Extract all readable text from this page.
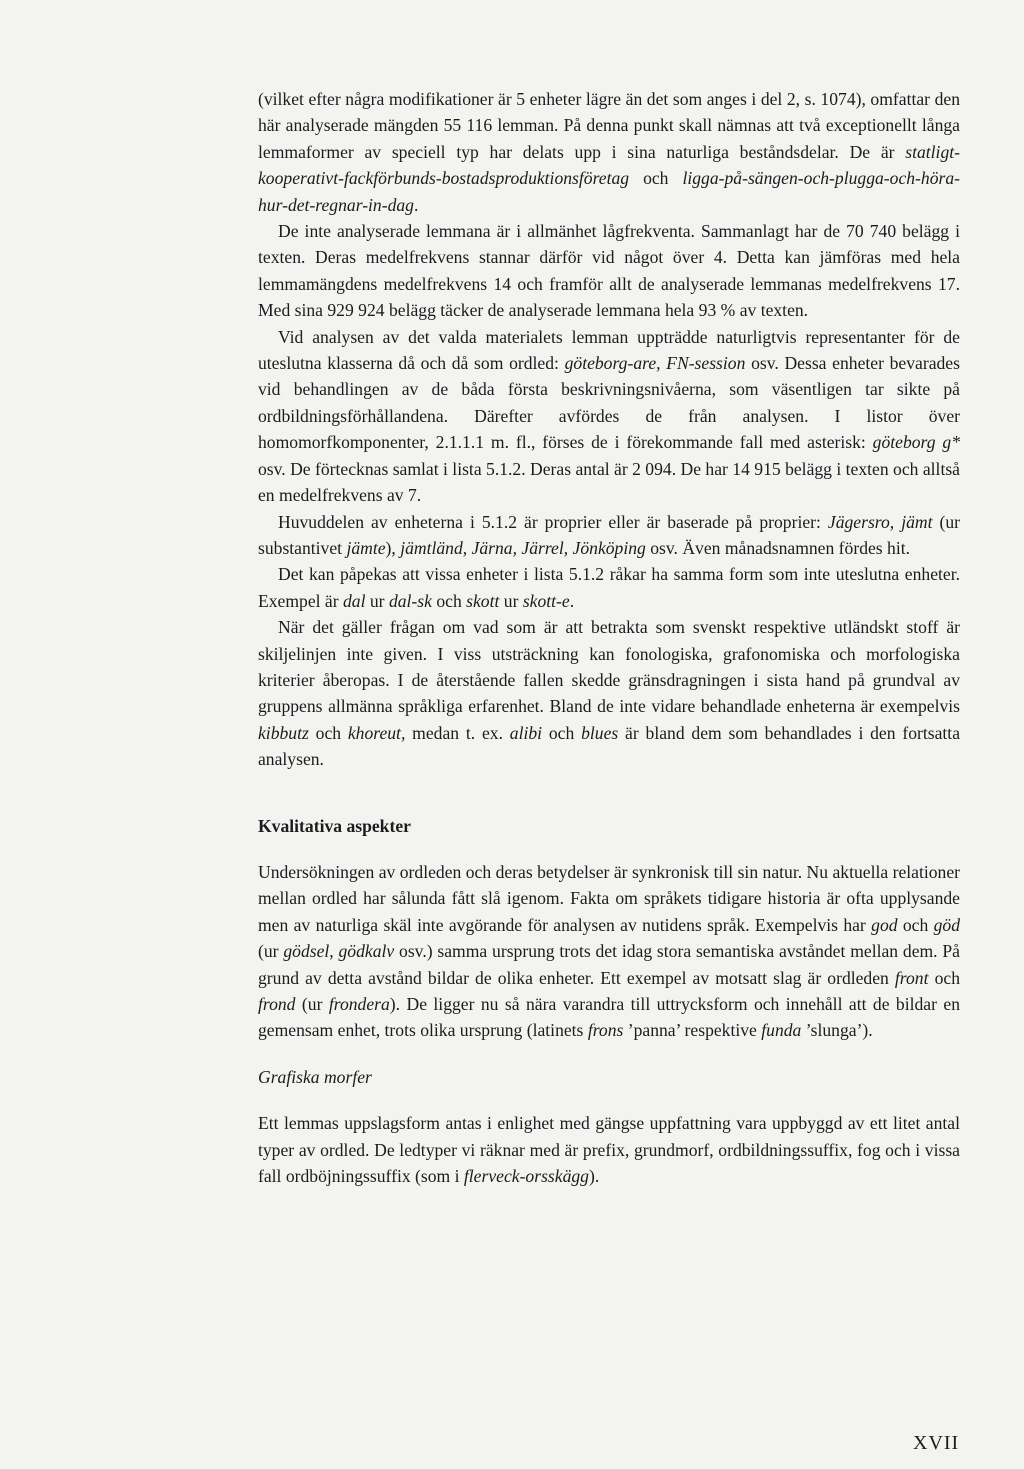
(vilket efter några modifikationer är 5 enheter lägre än det som anges i del 2, s. 1074), omfattar den här analyserade mängden 55 116 lemman. På denna punkt skall nämnas att två exceptionellt långa lemmaformer av speciell typ har delats upp i sina naturliga beståndsdelar. De är statligt-kooperativt-fackförbunds-bostadsproduktionsföretag och ligga-på-sängen-och-plugga-och-höra-hur-det-regnar-in-dag.

De inte analyserade lemmana är i allmänhet lågfrekventa. Sammanlagt har de 70 740 belägg i texten. Deras medelfrekvens stannar därför vid något över 4. Detta kan jämföras med hela lemmamängdens medelfrekvens 14 och framför allt de analyserade lemmanas medelfrekvens 17. Med sina 929 924 belägg täcker de analyserade lemmana hela 93 % av texten.

Vid analysen av det valda materialets lemman uppträdde naturligtvis representanter för de uteslutna klasserna då och då som ordled: göteborg-are, FN-session osv. Dessa enheter bevarades vid behandlingen av de båda första beskrivningsnivåerna, som väsentligen tar sikte på ordbildningsförhållandena. Därefter avfördes de från analysen. I listor över homomorfkomponenter, 2.1.1.1 m. fl., förses de i förekommande fall med asterisk: göteborg g* osv. De förtecknas samlat i lista 5.1.2. Deras antal är 2 094. De har 14 915 belägg i texten och alltså en medelfrekvens av 7.

Huvuddelen av enheterna i 5.1.2 är proprier eller är baserade på proprier: Jägersro, jämt (ur substantivet jämte), jämtländ, Järna, Järrel, Jönköping osv. Även månadsnamnen fördes hit.

Det kan påpekas att vissa enheter i lista 5.1.2 råkar ha samma form som inte uteslutna enheter. Exempel är dal ur dal-sk och skott ur skott-e.

När det gäller frågan om vad som är att betrakta som svenskt respektive utländskt stoff är skiljelinjen inte given. I viss utsträckning kan fonologiska, grafonomiska och morfologiska kriterier åberopas. I de återstående fallen skedde gränsdragningen i sista hand på grundval av gruppens allmänna språkliga erfarenhet. Bland de inte vidare behandlade enheterna är exempelvis kibbutz och khoreut, medan t. ex. alibi och blues är bland dem som behandlades i den fortsatta analysen.

Kvalitativa aspekter

Undersökningen av ordleden och deras betydelser är synkronisk till sin natur. Nu aktuella relationer mellan ordled har sålunda fått slå igenom. Fakta om språkets tidigare historia är ofta upplysande men av naturliga skäl inte avgörande för analysen av nutidens språk. Exempelvis har god och göd (ur gödsel, gödkalv osv.) samma ursprung trots det idag stora semantiska avståndet mellan dem. På grund av detta avstånd bildar de olika enheter. Ett exempel av motsatt slag är ordleden front och frond (ur frondera). De ligger nu så nära varandra till uttrycksform och innehåll att de bildar en gemensam enhet, trots olika ursprung (latinets frons ’panna’ respektive funda ’slunga’).

Grafiska morfer

Ett lemmas uppslagsform antas i enlighet med gängse uppfattning vara uppbyggd av ett litet antal typer av ordled. De ledtyper vi räknar med är prefix, grundmorf, ordbildningssuffix, fog och i vissa fall ordböjningssuffix (som i flerveck-orsskägg).

XVII
